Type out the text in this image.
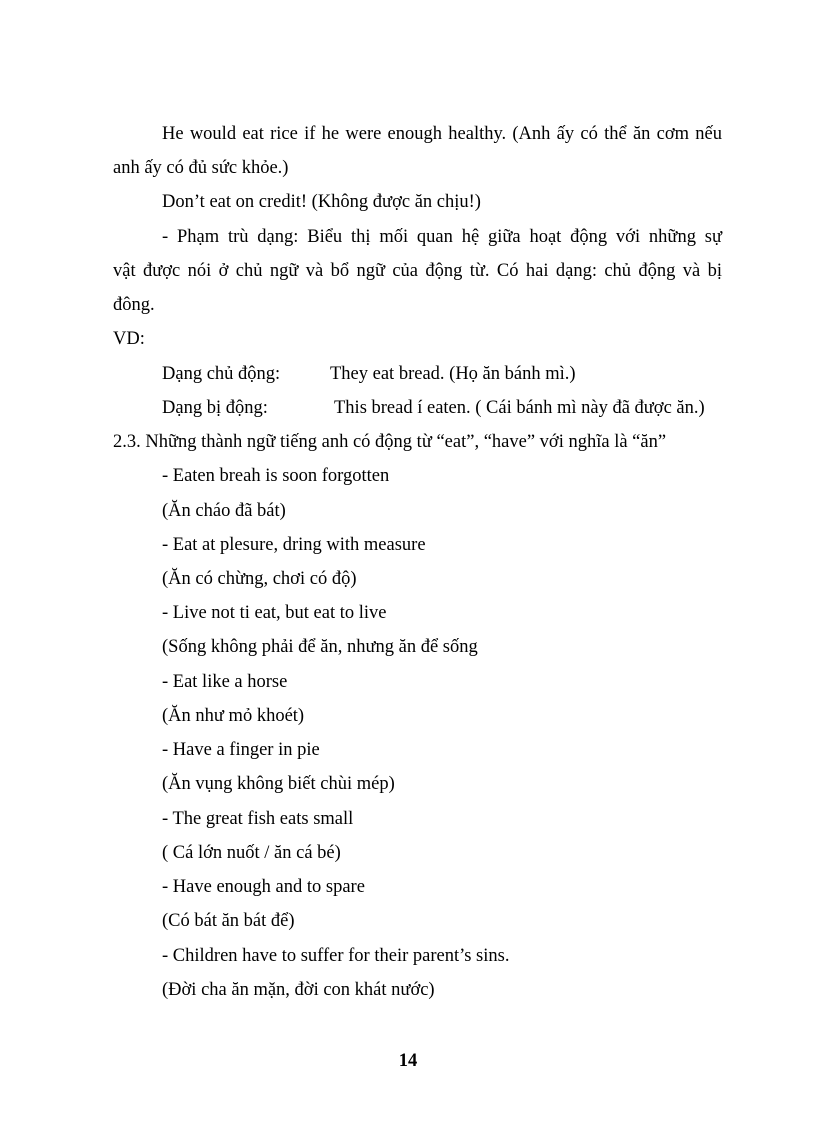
He would eat rice if he were enough healthy. (Anh ấy có thể ăn cơm nếu
anh ấy có đủ sức khỏe.)
Don’t eat on credit! (Không được ăn chịu!)
- Phạm trù dạng: Biểu thị mối quan hệ giữa hoạt động với những sự
vật được nói ở chủ ngữ và bổ ngữ của động từ. Có hai dạng: chủ động và bị
đông.
VD:
Dạng chủ động:	They eat bread. (Họ ăn bánh mì.)
Dạng bị động:	This bread í eaten. ( Cái bánh mì này đã được ăn.)
2.3. Những thành ngữ tiếng anh có động từ “eat”, “have” với nghĩa là “ăn”
- Eaten breah is soon forgotten
(Ăn cháo đã bát)
- Eat at plesure, dring with measure
(Ăn có chừng, chơi có độ)
- Live not ti eat, but eat to live
(Sống không phải để ăn, nhưng ăn để sống
- Eat like a horse
(Ăn như mỏ khoét)
- Have a finger in pie
(Ăn vụng không biết chùi mép)
- The great fish eats small
( Cá lớn nuốt / ăn cá bé)
- Have enough and to spare
(Có bát ăn bát để)
- Children have to suffer for their parent’s sins.
(Đời cha ăn mặn, đời con khát nước)
14
